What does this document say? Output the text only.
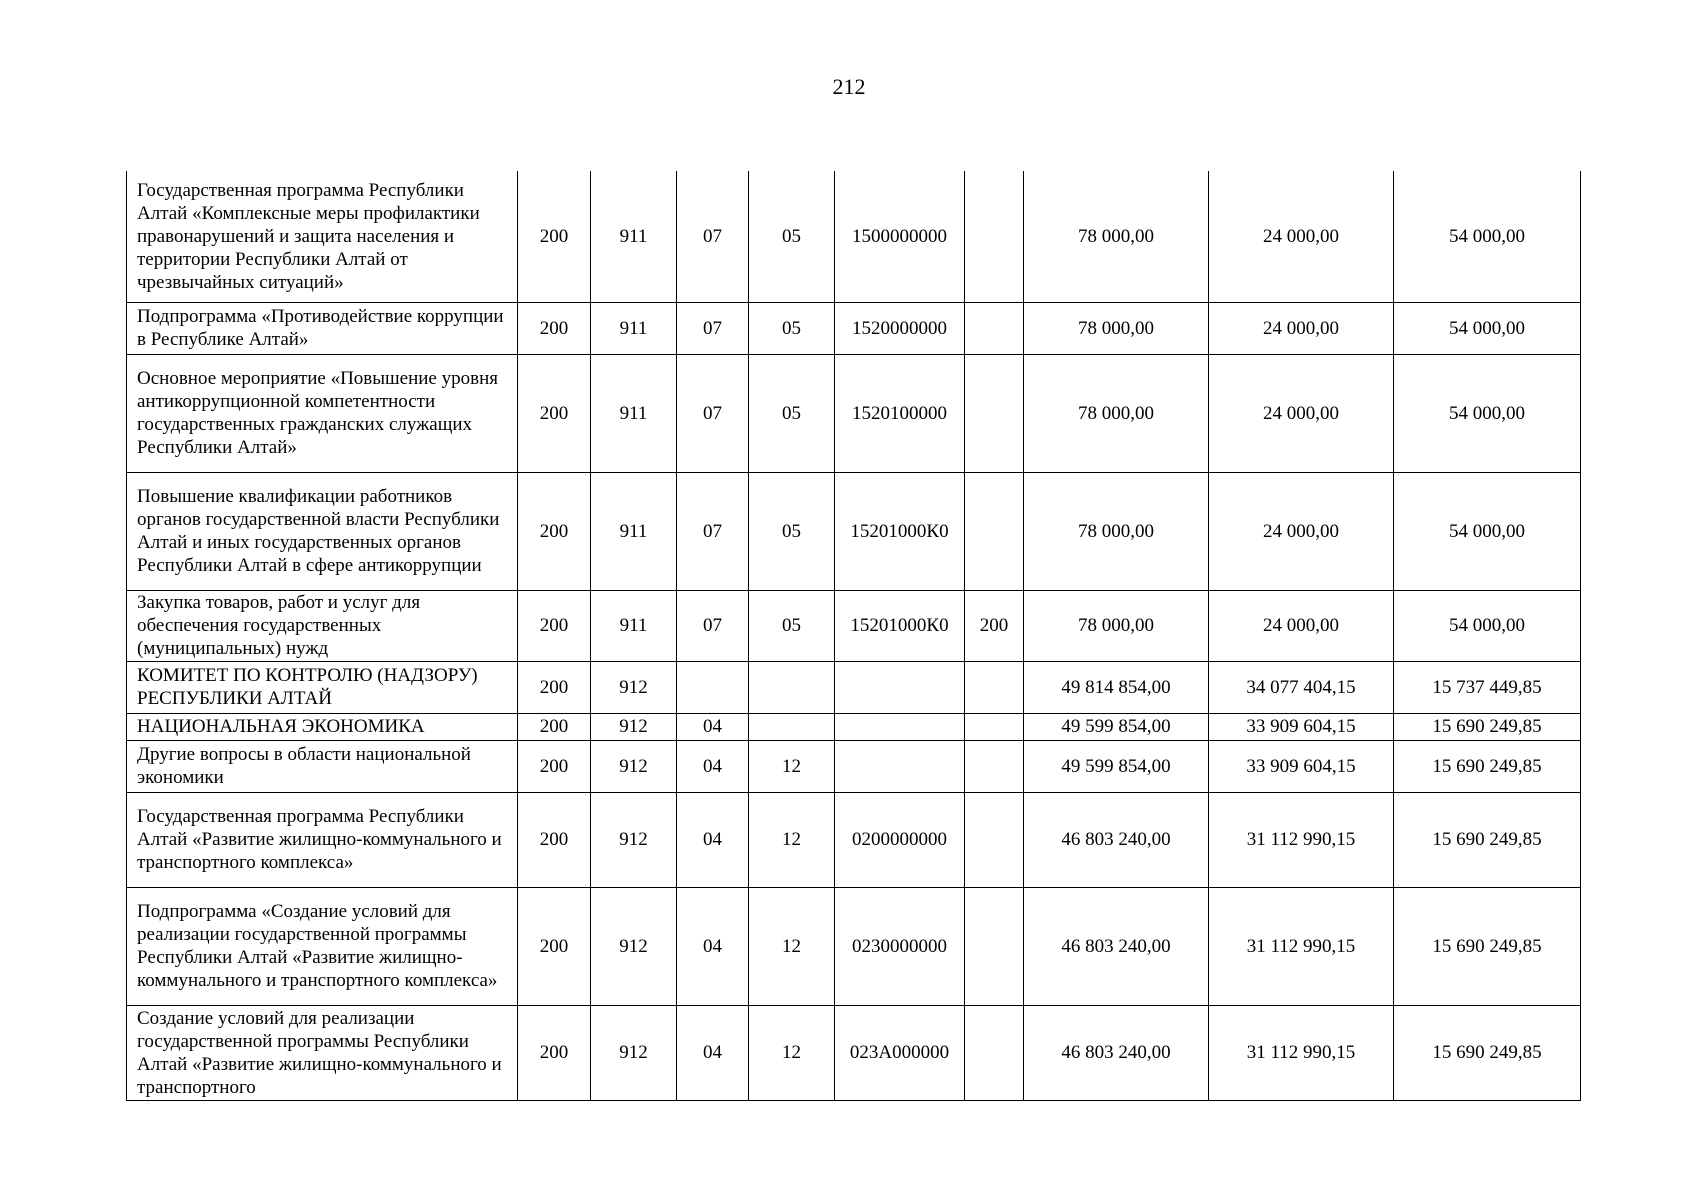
212
Государственная программа Республики Алтай «Комплексные меры профилактики правонарушений и защита населения и территории Республики Алтай от чрезвычайных ситуаций»	200	911	07	05	1500000000		78 000,00	24 000,00	54 000,00
Подпрограмма «Противодействие коррупции в Республике Алтай»	200	911	07	05	1520000000		78 000,00	24 000,00	54 000,00
Основное мероприятие «Повышение уровня антикоррупционной компетентности государственных гражданских служащих Республики Алтай»	200	911	07	05	1520100000		78 000,00	24 000,00	54 000,00
Повышение квалификации работников органов государственной власти Республики Алтай и иных государственных органов Республики Алтай в сфере антикоррупции	200	911	07	05	15201000К0		78 000,00	24 000,00	54 000,00
Закупка товаров, работ и услуг для обеспечения государственных (муниципальных) нужд	200	911	07	05	15201000К0	200	78 000,00	24 000,00	54 000,00
КОМИТЕТ ПО КОНТРОЛЮ (НАДЗОРУ) РЕСПУБЛИКИ АЛТАЙ	200	912					49 814 854,00	34 077 404,15	15 737 449,85
НАЦИОНАЛЬНАЯ ЭКОНОМИКА	200	912	04				49 599 854,00	33 909 604,15	15 690 249,85
Другие вопросы в области национальной экономики	200	912	04	12			49 599 854,00	33 909 604,15	15 690 249,85
Государственная программа Республики Алтай «Развитие жилищно-коммунального и транспортного комплекса»	200	912	04	12	0200000000		46 803 240,00	31 112 990,15	15 690 249,85
Подпрограмма «Создание условий для реализации государственной программы Республики Алтай «Развитие жилищно-коммунального и транспортного комплекса»	200	912	04	12	0230000000		46 803 240,00	31 112 990,15	15 690 249,85
Создание условий для реализации государственной программы Республики Алтай «Развитие жилищно-коммунального и транспортного	200	912	04	12	023А000000		46 803 240,00	31 112 990,15	15 690 249,85
